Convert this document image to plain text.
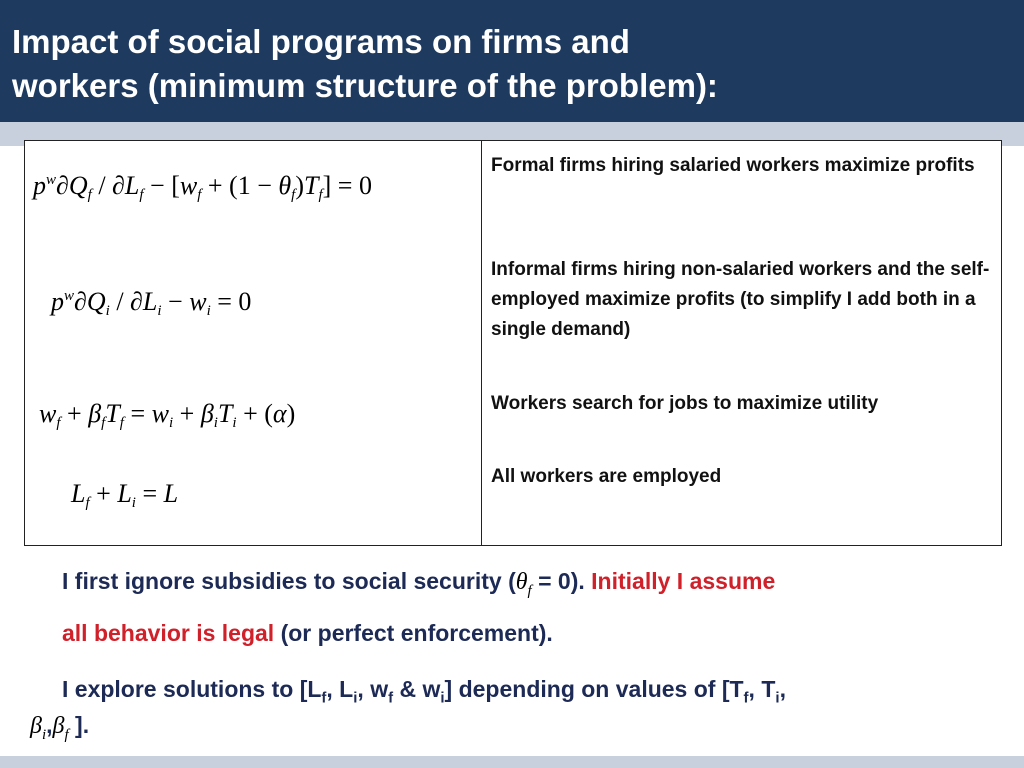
Impact of social programs on firms and
workers (minimum structure of the problem):
$p^w\partial Q_f / \partial L_f - [w_f + (1 - \theta_f)T_f] = 0$
$p^w\partial Q_i / \partial L_i - w_i = 0$
$w_f + \beta_fT_f = w_i + \beta_iT_i + (\alpha)$
$L_f + L_i = L$
Formal firms hiring salaried workers maximize profits
Informal firms hiring non-salaried workers and the self-employed maximize profits (to simplify I add both in a single demand)
Workers search for jobs to maximize utility
All workers are employed
I first ignore subsidies to social security $(\theta_f = 0)$. Initially I assume
all behavior is legal (or perfect enforcement).
I explore solutions to [$L_f$, $L_i$, $w_f$ & $w_i$] depending on values of [$T_f$, $T_i$,
$\beta_i,\beta_f$ ].
